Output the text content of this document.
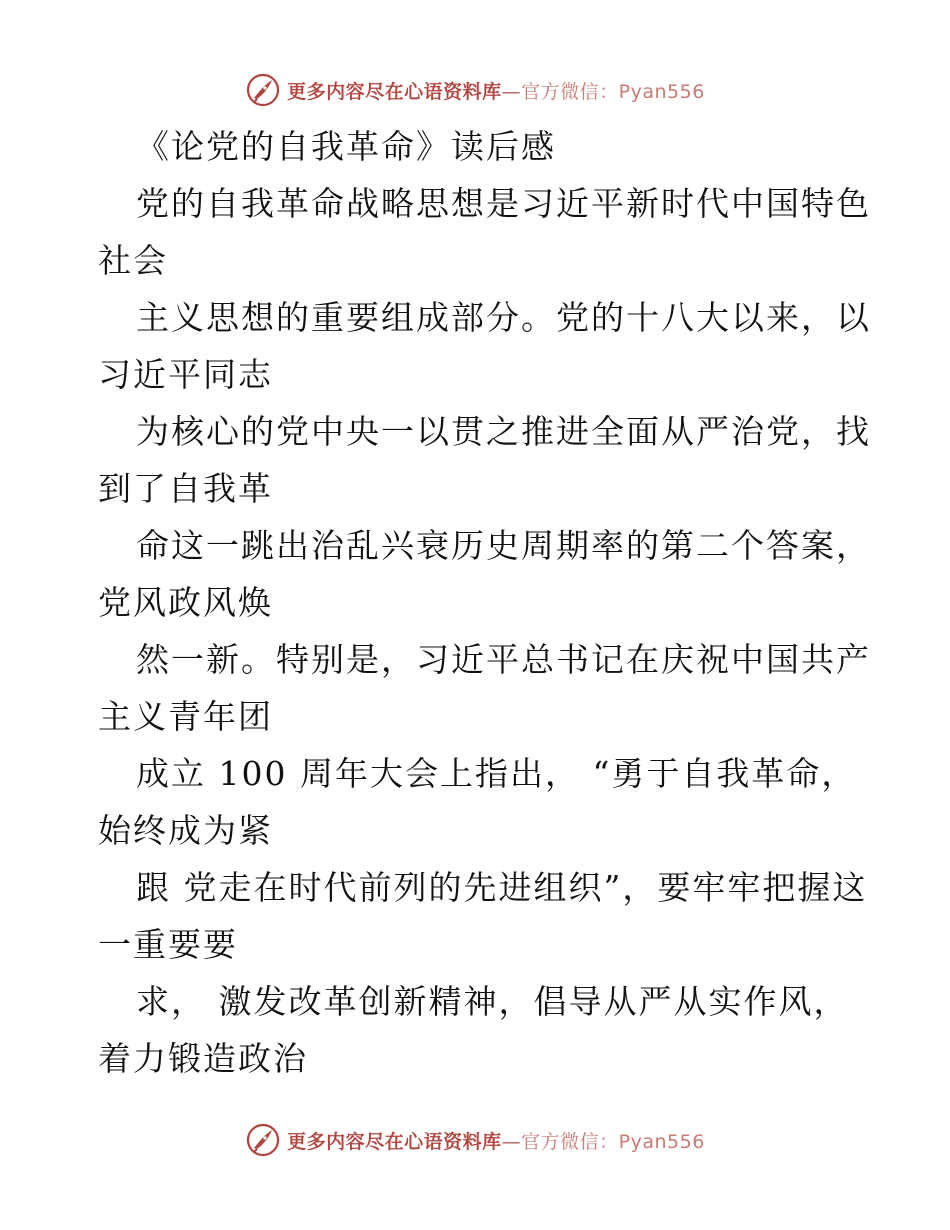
更多内容尽在心语资料库—官方微信：Pyan556
《论党的自我革命》读后感
党的自我革命战略思想是习近平新时代中国特色
社会
主义思想的重要组成部分。党的十八大以来，以
习近平同志
为核心的党中央一以贯之推进全面从严治党，找
到了自我革
命这一跳出治乱兴衰历史周期率的第二个答案，
党风政风焕
然一新。特别是，习近平总书记在庆祝中国共产
主义青年团
成立 100 周年大会上指出， “勇于自我革命，
始终成为紧
跟 党走在时代前列的先进组织”，要牢牢把握这
一重要要
求， 激发改革创新精神，倡导从严从实作风，
着力锻造政治
更多内容尽在心语资料库—官方微信：Pyan556
